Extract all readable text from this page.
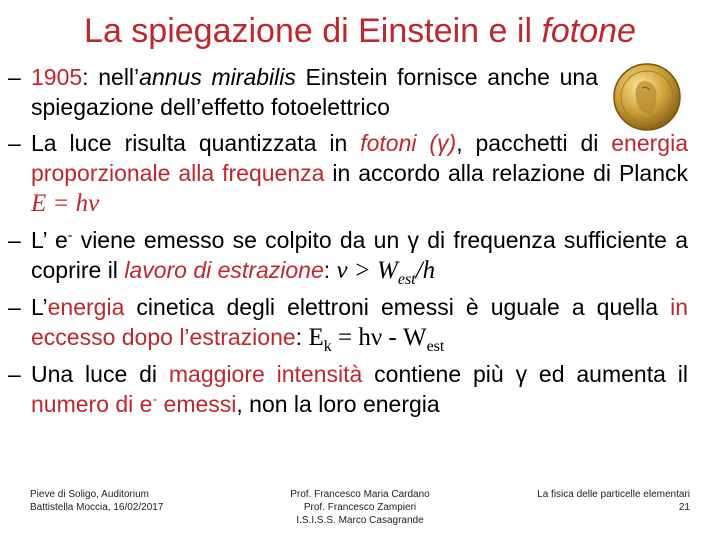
La spiegazione di Einstein e il fotone
– 1905: nell’annus mirabilis Einstein fornisce anche una spiegazione dell’effetto fotoelettrico
– La luce risulta quantizzata in fotoni (γ), pacchetti di energia proporzionale alla frequenza in accordo alla relazione di Planck E = hν
– L’ e- viene emesso se colpito da un γ di frequenza sufficiente a coprire il lavoro di estrazione: $\nu > W_{est}/h$
– L’energia cinetica degli elettroni emessi è uguale a quella in eccesso dopo l’estrazione: $E_k = h\nu - W_{est}$
– Una luce di maggiore intensità contiene più γ ed aumenta il numero di e- emessi, non la loro energia
Pieve di Soligo, Auditorium
Battistella Moccia, 16/02/2017
Prof. Francesco Maria Cardano
Prof. Francesco Zampieri
I.S.I.S.S. Marco Casagrande
La fisica delle particelle elementari
21
